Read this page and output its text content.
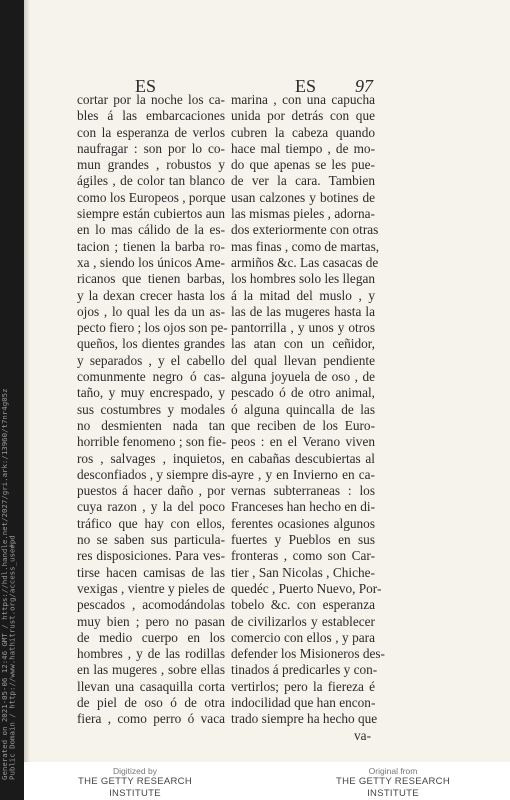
Generated on 2021-05-06 12:46 GMT / https://hdl.handle.net/2027/gri.ark:/13960/t7nr4g05z
Public Domain / http://www.hathitrust.org/access_use#pd
ES	ES 97
cortar por la noche los ca-
bles á las embarcaciones
con la esperanza de verlos
naufragar : son por lo co-
mun grandes , robustos y
ágiles , de color tan blanco
como los Europeos , porque
siempre están cubiertos aun
en lo mas cálido de la es-
tacion ; tienen la barba ro-
xa , siendo los únicos Ame-
ricanos que tienen barbas,
y la dexan crecer hasta los
ojos , lo qual les da un as-
pecto fiero ; los ojos son pe-
queños, los dientes grandes
y separados , y el cabello
comunmente negro ó cas-
taño, y muy encrespado, y
sus costumbres y modales
no desmienten nada tan
horrible fenomeno ; son fie-
ros , salvages , inquietos,
desconfiados , y siempre dis-
puestos á hacer daño , por
cuya razon , y la del poco
tráfico que hay con ellos,
no se saben sus particula-
res disposiciones. Para ves-
tirse hacen camisas de las
vexigas , vientre y pieles de
pescados , acomodándolas
muy bien ; pero no pasan
de medio cuerpo en los
hombres , y de las rodillas
en las mugeres , sobre ellas
llevan una casaquilla corta
de piel de oso ó de otra
fiera , como perro ó vaca
marina , con una capucha
unida por detrás con que
cubren la cabeza quando
hace mal tiempo , de mo-
do que apenas se les pue-
de ver la cara. Tambien
usan calzones y botines de
las mismas pieles , adorna-
dos exteriormente con otras
mas finas , como de martas,
armiños &c. Las casacas de
los hombres solo les llegan
á la mitad del muslo , y
las de las mugeres hasta la
pantorrilla , y unos y otros
las atan con un ceñidor,
del qual llevan pendiente
alguna joyuela de oso , de
pescado ó de otro animal,
ó alguna quincalla de las
que reciben de los Euro-
peos : en el Verano viven
en cabañas descubiertas al
ayre , y en Invierno en ca-
vernas subterraneas : los
Franceses han hecho en di-
ferentes ocasiones algunos
fuertes y Pueblos en sus
fronteras , como son Car-
tier , San Nicolas , Chiche-
quedéc , Puerto Nuevo, Por-
tobelo &c. con esperanza
de civilizarlos y establecer
comercio con ellos , y para
defender los Misioneros des-
tinados á predicarles y con-
vertirlos; pero la fiereza é
indocilidad que han encon-
trado siempre ha hecho que
va-
Digitized by
THE GETTY RESEARCH INSTITUTE
Original from
THE GETTY RESEARCH INSTITUTE
